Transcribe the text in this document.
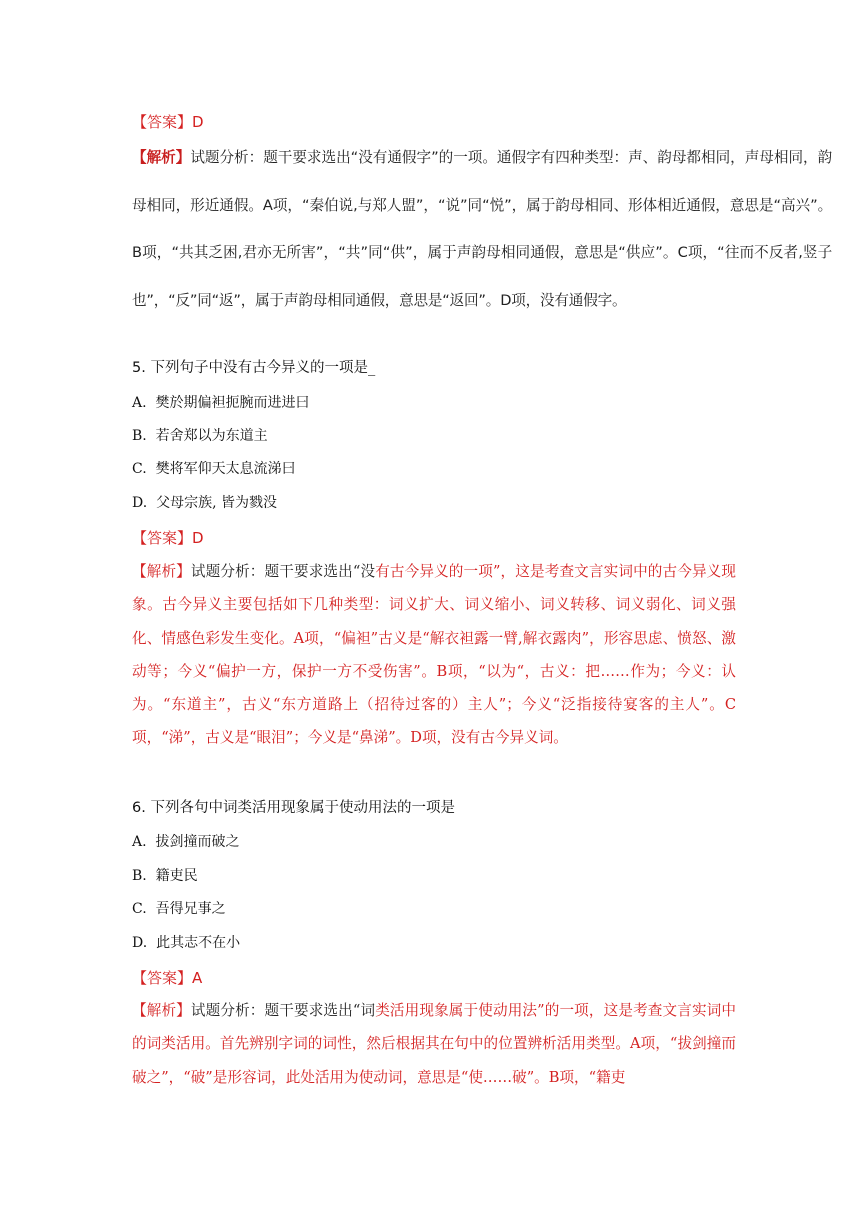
【答案】D
【解析】试题分析：题干要求选出“没有通假字”的一项。通假字有四种类型：声、韵母都相同，声母相同，韵母相同，形近通假。A项，“秦伯说,与郑人盟”，“说”同“悦”，属于韵母相同、形体相近通假，意思是“高兴”。B项，“共其乏困,君亦无所害”，“共”同“供”，属于声韵母相同通假，意思是“供应”。C项，“往而不反者,竖子也”，“反”同“返”，属于声韵母相同通假，意思是“返回”。D项，没有通假字。
5. 下列句子中没有古今异义的一项是_
A. 樊於期偏袒扼腕而进进曰
B. 若舍郑以为东道主
C. 樊将军仰天太息流涕曰
D. 父母宗族, 皆为戮没
【答案】D
【解析】试题分析：题干要求选出“没有古今异义的一项”，这是考查文言实词中的古今异义现象。古今异义主要包括如下几种类型：词义扩大、词义缩小、词义转移、词义弱化、词义强化、情感色彩发生变化。A项，“偏袒”古义是“解衣袒露一臂,解衣露肉”，形容思虑、愤怒、激动等；今义“偏护一方，保护一方不受伤害”。B项，“以为“，古义：把……作为；今义：认为。“东道主”，古义“东方道路上（招待过客的）主人”；今义“泛指接待宴客的主人”。C项，“涕”，古义是“眼泪”；今义是“鼻涕”。D项，没有古今异义词。
6. 下列各句中词类活用现象属于使动用法的一项是
A. 拔剑撞而破之
B. 籍吏民
C. 吾得兄事之
D. 此其志不在小
【答案】A
【解析】试题分析：题干要求选出“词类活用现象属于使动用法”的一项，这是考查文言实词中的词类活用。首先辨别字词的词性，然后根据其在句中的位置辨析活用类型。A项，“拔剑撞而破之”，“破”是形容词，此处活用为使动词，意思是“使……破”。B项，“籍吏
